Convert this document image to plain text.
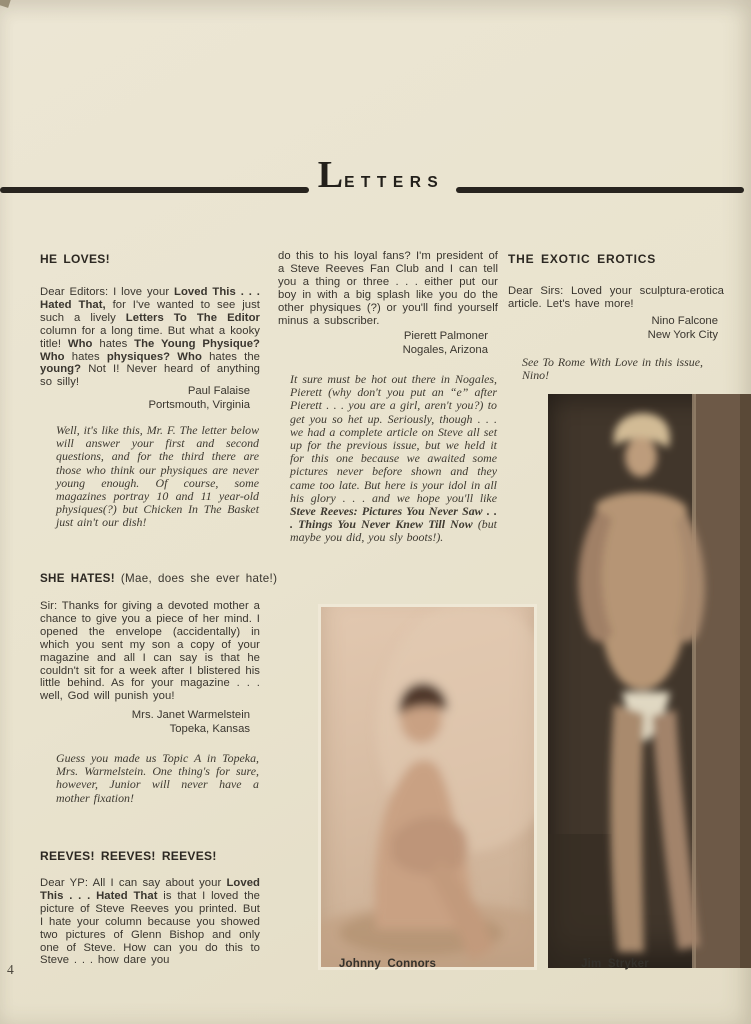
L ETTERS
HE LOVES!
Dear Editors: I love your Loved This . . . Hated That, for I've wanted to see just such a lively Letters To The Editor column for a long time. But what a kooky title! Who hates The Young Physique? Who hates physiques? Who hates the young? Not I! Never heard of anything so silly!
Paul Falaise
Portsmouth, Virginia
Well, it's like this, Mr. F. The letter below will answer your first and second questions, and for the third there are those who think our physiques are never young enough. Of course, some magazines portray 10 and 11 year-old physiques(?) but Chicken In The Basket just ain't our dish!
SHE HATES! (Mae, does she ever hate!)
Sir: Thanks for giving a devoted mother a chance to give you a piece of her mind. I opened the envelope (accidentally) in which you sent my son a copy of your magazine and all I can say is that he couldn't sit for a week after I blistered his little behind. As for your magazine . . . well, God will punish you!
Mrs. Janet Warmelstein
Topeka, Kansas
Guess you made us Topic A in Topeka, Mrs. Warmelstein. One thing's for sure, however, Junior will never have a mother fixation!
REEVES! REEVES! REEVES!
Dear YP: All I can say about your Loved This . . . Hated That is that I loved the picture of Steve Reeves you printed. But I hate your column because you showed two pictures of Glenn Bishop and only one of Steve. How can you do this to Steve . . . how dare you
do this to his loyal fans? I'm president of a Steve Reeves Fan Club and I can tell you a thing or three . . . either put our boy in with a big splash like you do the other physiques (?) or you'll find yourself minus a subscriber.
Pierett Palmoner
Nogales, Arizona
It sure must be hot out there in Nogales, Pierett (why don't you put an “e” after Pierett . . . you are a girl, aren't you?) to get you so het up. Seriously, though . . . we had a complete article on Steve all set up for the previous issue, but we held it for this one because we awaited some pictures never before shown and they came too late. But here is your idol in all his glory . . . and we hope you'll like Steve Reeves: Pictures You Never Saw . . . Things You Never Knew Till Now (but maybe you did, you sly boots!).
Johnny Connors
THE EXOTIC EROTICS
Dear Sirs: Loved your sculptura-erotica article. Let's have more!
Nino Falcone
New York City
See To Rome With Love in this issue, Nino!
Jim Stryker
4
